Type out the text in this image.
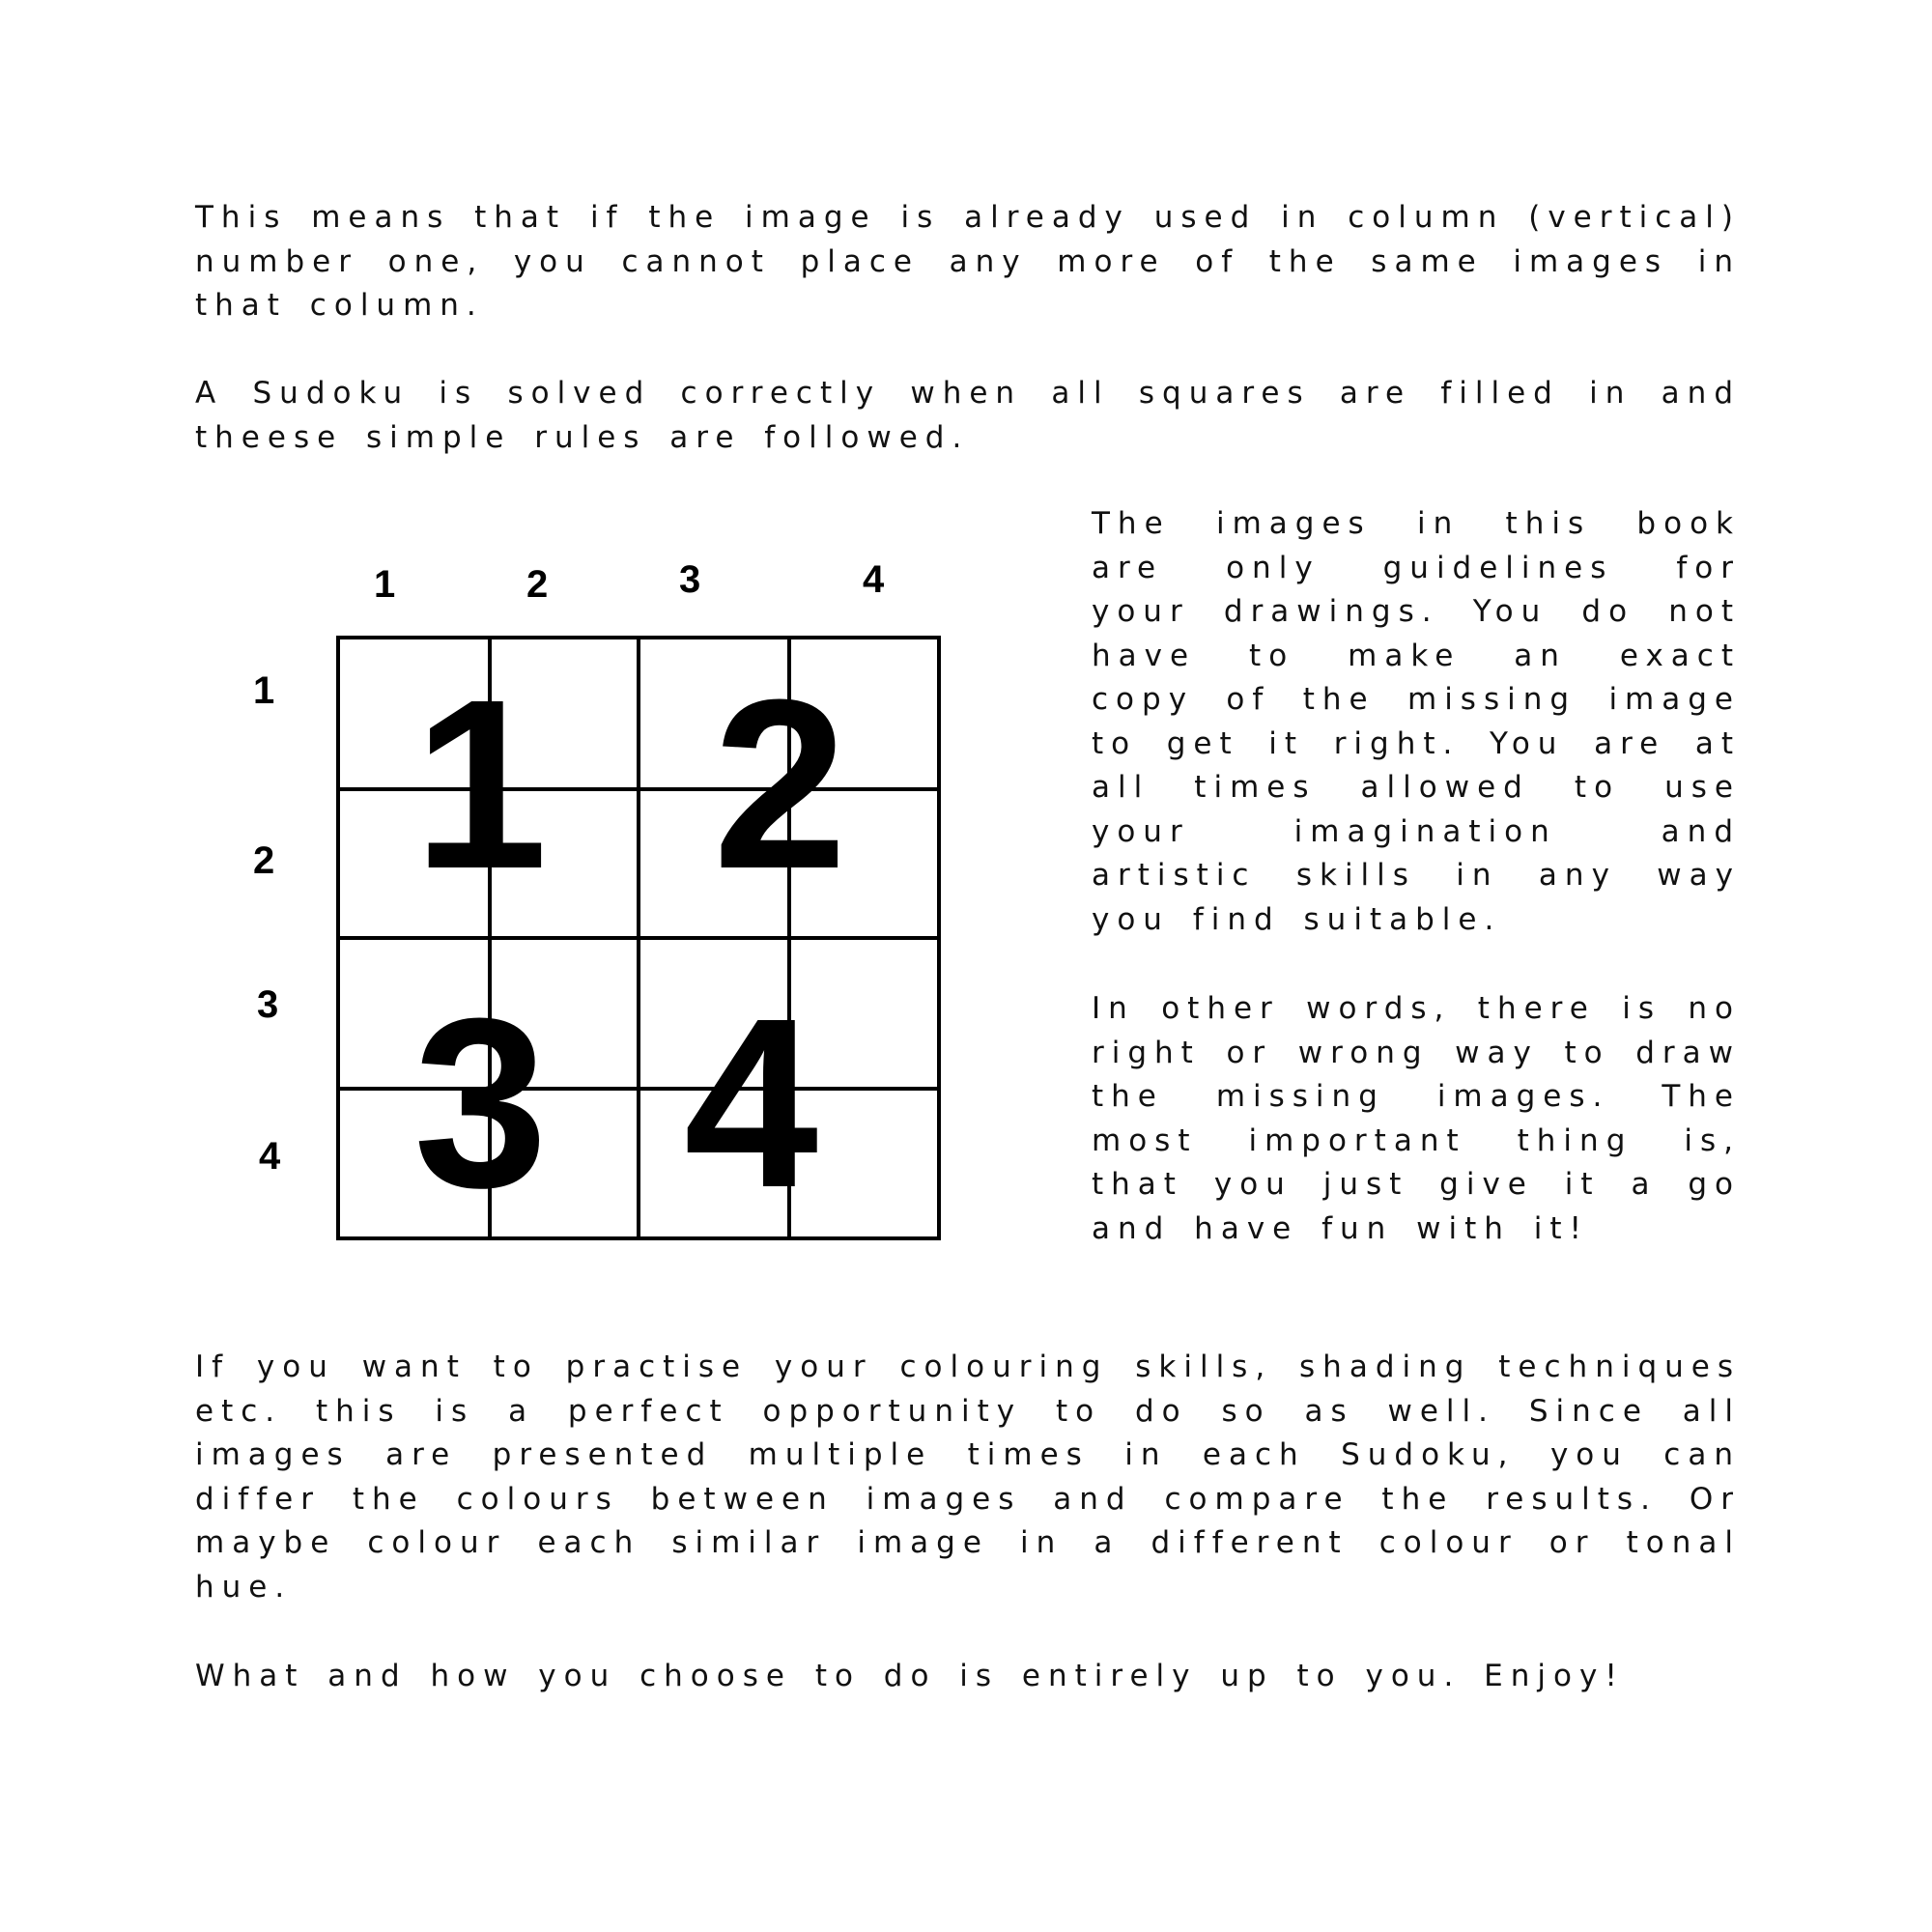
This means that if the image is already used in column (vertical) number one, you cannot place any more of the same images in that column.

A Sudoku is solved correctly when all squares are filled in and theese simple rules are followed.

1	2	3	4
1
2
3
4
1 2
3 4

The images in this book are only guidelines for your drawings. You do not have to make an exact copy of the missing image to get it right. You are at all times allowed to use your imagination and artistic skills in any way you find suitable.

In other words, there is no right or wrong way to draw the missing images. The most important thing is, that you just give it a go and have fun with it!

If you want to practise your colouring skills, shading techniques etc. this is a perfect opportunity to do so as well. Since all images are presented multiple times in each Sudoku, you can differ the colours between images and compare the results. Or maybe colour each similar image in a different colour or tonal hue.

What and how you choose to do is entirely up to you. Enjoy!
